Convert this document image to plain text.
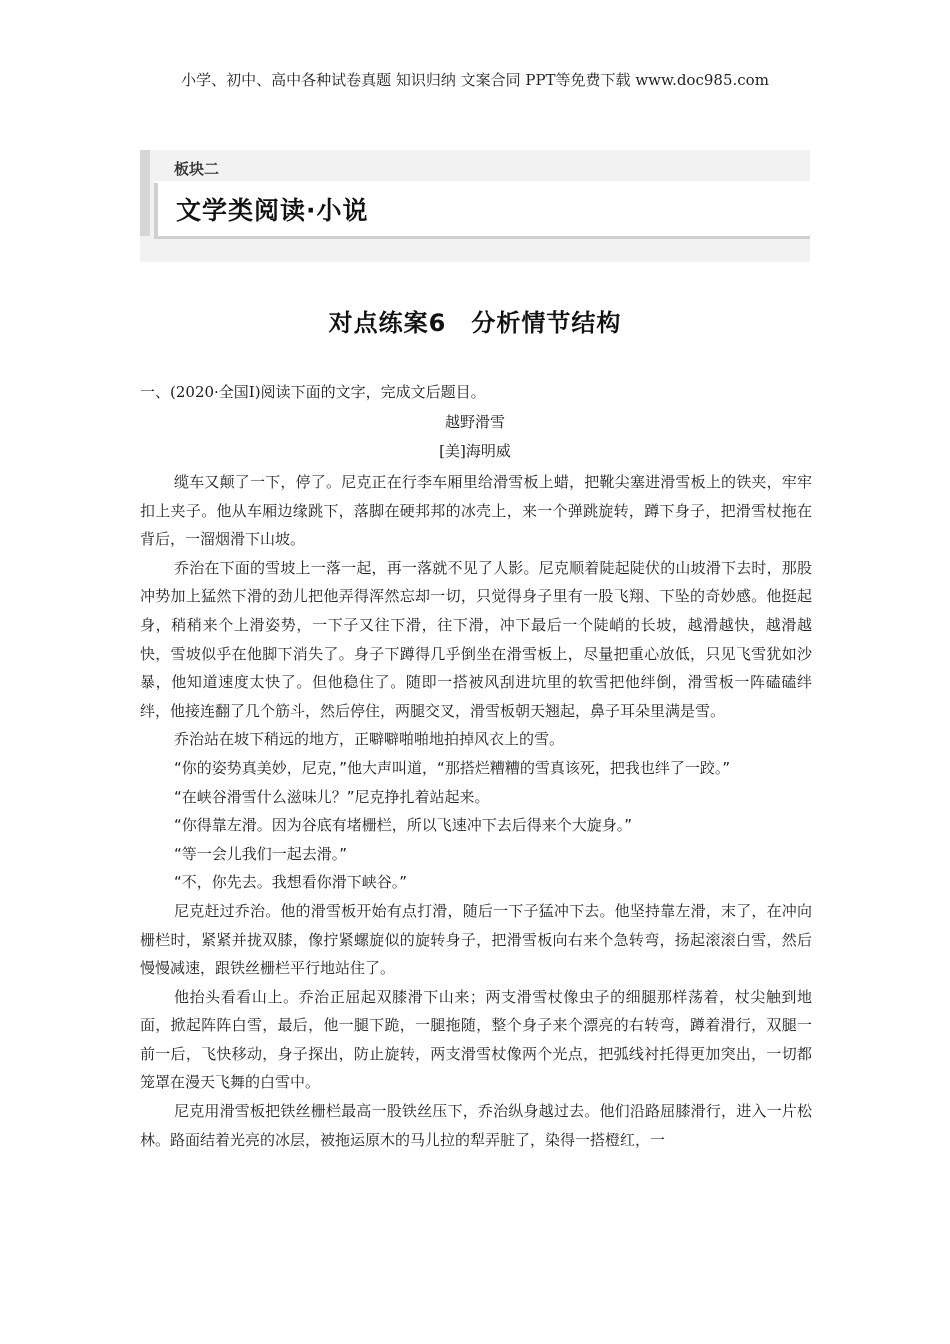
小学、初中、高中各种试卷真题 知识归纳 文案合同 PPT等免费下载 www.doc985.com
板块二
文学类阅读·小说
对点练案6　分析情节结构
一、(2020·全国Ⅰ)阅读下面的文字，完成文后题目。
越野滑雪
[美]海明威

缆车又颠了一下，停了。尼克正在行李车厢里给滑雪板上蜡，把靴尖塞进滑雪板上的铁夹，牢牢扣上夹子。他从车厢边缘跳下，落脚在硬邦邦的冰壳上，来一个弹跳旋转，蹲下身子，把滑雪杖拖在背后，一溜烟滑下山坡。

乔治在下面的雪坡上一落一起，再一落就不见了人影。尼克顺着陡起陡伏的山坡滑下去时，那股冲势加上猛然下滑的劲儿把他弄得浑然忘却一切，只觉得身子里有一股飞翔、下坠的奇妙感。他挺起身，稍稍来个上滑姿势，一下子又往下滑，往下滑，冲下最后一个陡峭的长坡，越滑越快，越滑越快，雪坡似乎在他脚下消失了。身子下蹲得几乎倒坐在滑雪板上，尽量把重心放低，只见飞雪犹如沙暴，他知道速度太快了。但他稳住了。随即一搭被风刮进坑里的软雪把他绊倒，滑雪板一阵磕磕绊绊，他接连翻了几个筋斗，然后停住，两腿交叉，滑雪板朝天翘起，鼻子耳朵里满是雪。

乔治站在坡下稍远的地方，正噼噼啪啪地拍掉风衣上的雪。

“你的姿势真美妙，尼克，”他大声叫道，“那搭烂糟糟的雪真该死，把我也绊了一跤。”

“在峡谷滑雪什么滋味儿？”尼克挣扎着站起来。

“你得靠左滑。因为谷底有堵栅栏，所以飞速冲下去后得来个大旋身。”

“等一会儿我们一起去滑。”

“不，你先去。我想看你滑下峡谷。”

尼克赶过乔治。他的滑雪板开始有点打滑，随后一下子猛冲下去。他坚持靠左滑，末了，在冲向栅栏时，紧紧并拢双膝，像拧紧螺旋似的旋转身子，把滑雪板向右来个急转弯，扬起滚滚白雪，然后慢慢减速，跟铁丝栅栏平行地站住了。

他抬头看看山上。乔治正屈起双膝滑下山来；两支滑雪杖像虫子的细腿那样荡着，杖尖触到地面，掀起阵阵白雪，最后，他一腿下跪，一腿拖随，整个身子来个漂亮的右转弯，蹲着滑行，双腿一前一后，飞快移动，身子探出，防止旋转，两支滑雪杖像两个光点，把弧线衬托得更加突出，一切都笼罩在漫天飞舞的白雪中。

尼克用滑雪板把铁丝栅栏最高一股铁丝压下，乔治纵身越过去。他们沿路屈膝滑行，进入一片松林。路面结着光亮的冰层，被拖运原木的马儿拉的犁弄脏了，染得一搭橙红，一
